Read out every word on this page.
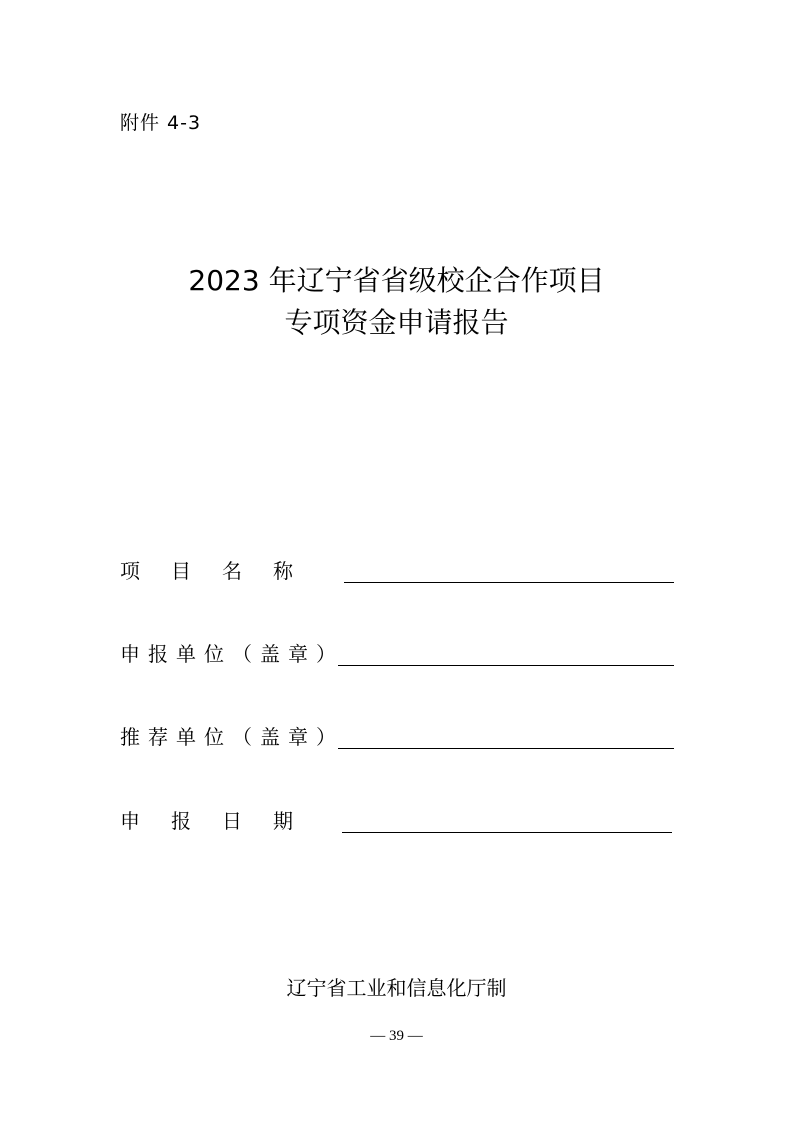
附件 4-3
2023 年辽宁省省级校企合作项目
专项资金申请报告
项目名称
申报单位（盖章）
推荐单位（盖章）
申报日期
辽宁省工业和信息化厅制
— 39 —
